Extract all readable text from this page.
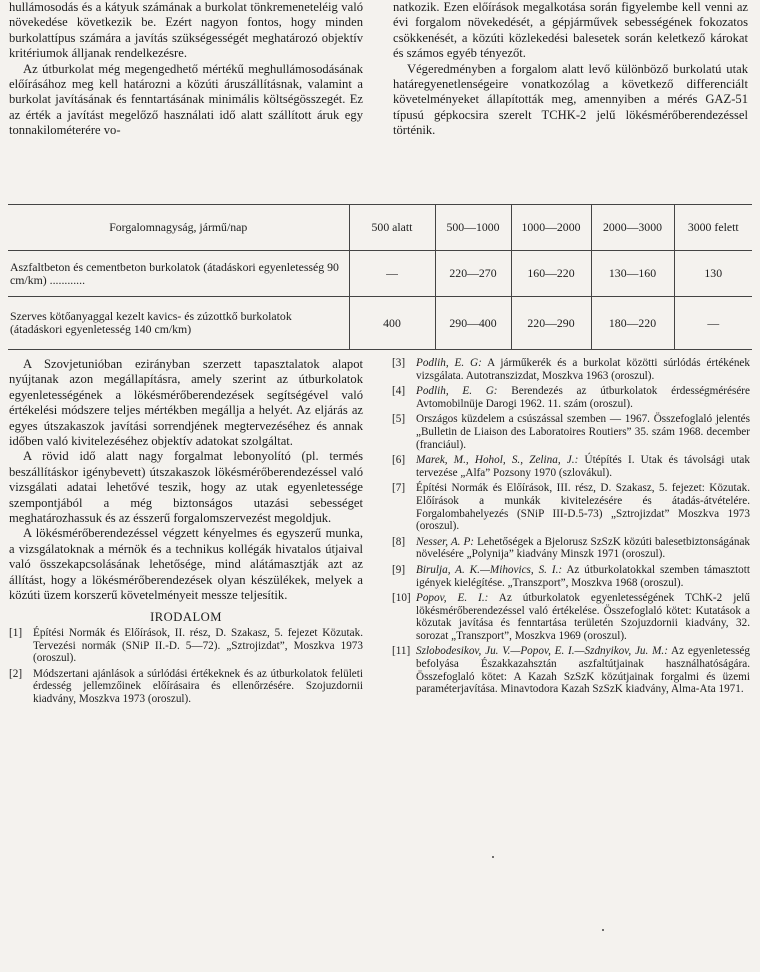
hullámosodás és a kátyuk számának a burkolat tönkremeneteléig való növekedése következik be. Ezért nagyon fontos, hogy minden burkolattípus számára a javítás szükségességét meghatározó objektív kritériumok álljanak rendelkezésre.

Az útburkolat még megengedhető mértékű meghullámosodásának előírásához meg kell határozni a közúti áruszállításnak, valamint a burkolat javításának és fenntartásának minimális költségösszegét. Ez az érték a javítást megelőző használati idő alatt szállított áruk egy tonnakilométerére vo-

natkozik. Ezen előírások megalkotása során figyelembe kell venni az évi forgalom növekedését, a gépjárművek sebességének fokozatos csökkenését, a közúti közlekedési balesetek során keletkező károkat és számos egyéb tényezőt.

Végeredményben a forgalom alatt levő különböző burkolatú utak határegyenetlenségeire vonatkozólag a következő differenciált követelményeket állapították meg, amennyiben a mérés GAZ-51 típusú gépkocsira szerelt TCHK-2 jelű lökésmérőberendezéssel történik.

Forgalomnagyság, jármű/nap	500 alatt	500—1000	1000—2000	2000—3000	3000 felett
Aszfaltbeton és cementbeton burkolatok (átadáskori egyenletesség 90 cm/km) ............	—	220—270	160—220	130—160	130
Szerves kötőanyaggal kezelt kavics- és zúzottkő burkolatok (átadáskori egyenletesség 140 cm/km)	400	290—400	220—290	180—220	—

A Szovjetunióban ezirányban szerzett tapasztalatok alapot nyújtanak azon megállapításra, amely szerint az útburkolatok egyenletességének a lökésmérőberendezések segítségével való értékelési módszere teljes mértékben megállja a helyét. Az eljárás az egyes útszakaszok javítási sorrendjének megtervezéséhez és annak időben való kivitelezéséhez objektív adatokat szolgáltat.

A rövid idő alatt nagy forgalmat lebonyolító (pl. termés beszállításkor igénybevett) útszakaszok lökésmérőberendezéssel való vizsgálati adatai lehetővé teszik, hogy az utak egyenletessége szempontjából a még biztonságos utazási sebességet meghatározhassuk és az ésszerű forgalomszervezést megoldjuk.

A lökésmérőberendezéssel végzett kényelmes és egyszerű munka, a vizsgálatoknak a mérnök és a technikus kollégák hivatalos útjaival való összekapcsolásának lehetősége, mind alátámasztják azt az állítást, hogy a lökésmérőberendezések olyan készülékek, melyek a közúti üzem korszerű követelményeit messze teljesítik.

IRODALOM
[1] Építési Normák és Előírások, II. rész, D. Szakasz, 5. fejezet Közutak. Tervezési normák (SNiP II.-D. 5—72). „Sztrojizdat”, Moszkva 1973 (oroszul).
[2] Módszertani ajánlások a súrlódási értékeknek és az útburkolatok felületi érdesség jellemzőinek előírásaira és ellenőrzésére. Szojuzdornii kiadvány, Moszkva 1973 (oroszul).
[3] Podlih, E. G: A járműkerék és a burkolat közötti súrlódás értékének vizsgálata. Autotranszizdat, Moszkva 1963 (oroszul).
[4] Podlih, E. G: Berendezés az útburkolatok érdességmérésére Avtomobilnüje Darogi 1962. 11. szám (oroszul).
[5] Országos küzdelem a csúszással szemben — 1967. Összefoglaló jelentés „Bulletin de Liaison des Laboratoires Routiers” 35. szám 1968. december (franciául).
[6] Marek, M., Hohol, S., Zelina, J.: Útépítés I. Utak és távolsági utak tervezése „Alfa” Pozsony 1970 (szlovákul).
[7] Építési Normák és Előírások, III. rész, D. Szakasz, 5. fejezet: Közutak. Előírások a munkák kivitelezésére és átadás-átvételére. Forgalombahelyezés (SNiP III-D.5-73) „Sztrojizdat” Moszkva 1973 (oroszul).
[8] Nesser, A. P: Lehetőségek a Bjelorusz SzSzK közúti balesetbiztonságának növelésére „Polynija” kiadvány Minszk 1971 (oroszul).
[9] Birulja, A. K.—Mihovics, S. I.: Az útburkolatokkal szemben támasztott igények kielégítése. „Transzport”, Moszkva 1968 (oroszul).
[10] Popov, E. I.: Az útburkolatok egyenletességének TChK-2 jelű lökésmérőberendezéssel való értékelése. Összefoglaló kötet: Kutatások a közutak javítása és fenntartása területén Szojuzdornii kiadvány, 32. sorozat „Transzport”, Moszkva 1969 (oroszul).
[11] Szlobodesikov, Ju. V.—Popov, E. I.—Szdnyikov, Ju. M.: Az egyenletesség befolyása Északkazahsztán aszfaltútjainak használhatóságára. Összefoglaló kötet: A Kazah SzSzK közútjainak forgalmi és üzemi paraméterjavítása. Minavtodora Kazah SzSzK kiadvány, Alma-Ata 1971.
